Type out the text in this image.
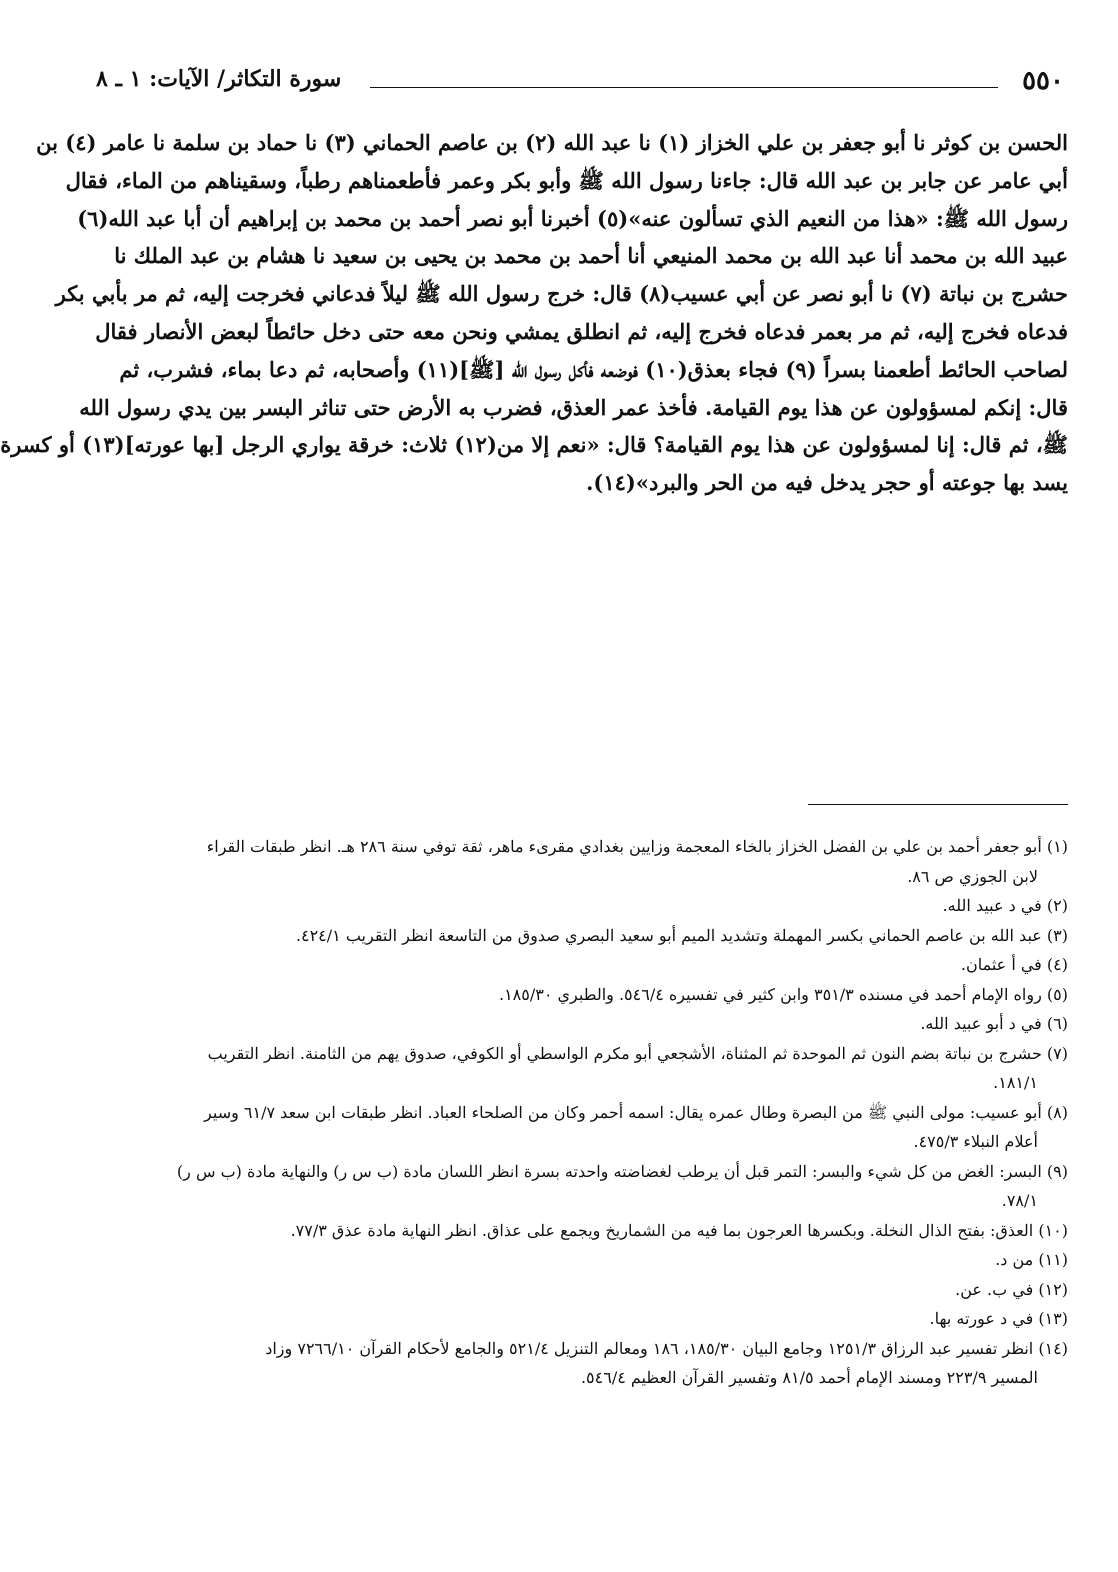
٥٥٠
سورة التكاثر/ الآيات: ١ ـ ٨
الحسن بن كوثر نا أبو جعفر بن علي الخزاز (١) نا عبد الله (٢) بن عاصم الحماني (٣) نا حماد بن سلمة نا عامر (٤) بن
أبي عامر عن جابر بن عبد الله قال: جاءنا رسول الله ﷺ وأبو بكر وعمر فأطعمناهم رطباً، وسقيناهم من الماء، فقال
رسول الله ﷺ: «هذا من النعيم الذي تسألون عنه»(٥) أخبرنا أبو نصر أحمد بن محمد بن إبراهيم أن أبا عبد الله(٦)
عبيد الله بن محمد أنا عبد الله بن محمد المنيعي أنا أحمد بن محمد بن يحيى بن سعيد نا هشام بن عبد الملك نا
حشرج بن نباتة (٧) نا أبو نصر عن أبي عسيب(٨) قال: خرج رسول الله ﷺ ليلاً فدعاني فخرجت إليه، ثم مر بأبي بكر
فدعاه فخرج إليه، ثم مر بعمر فدعاه فخرج إليه، ثم انطلق يمشي ونحن معه حتى دخل حائطاً لبعض الأنصار فقال
لصاحب الحائط أطعمنا بسراً (٩) فجاء بعذق(١٠) فوضعه فأكل رسول الله [ﷺ](١١) وأصحابه، ثم دعا بماء، فشرب، ثم
قال: إنكم لمسؤولون عن هذا يوم القيامة. فأخذ عمر العذق، فضرب به الأرض حتى تناثر البسر بين يدي رسول الله
ﷺ، ثم قال: إنا لمسؤولون عن هذا يوم القيامة؟ قال: «نعم إلا من(١٢) ثلاث: خرقة يواري الرجل [بها عورته](١٣) أو كسرة
يسد بها جوعته أو حجر يدخل فيه من الحر والبرد»(١٤).
(١) أبو جعفر أحمد بن علي بن الفضل الخزاز بالخاء المعجمة وزايين بغدادي مقرىء ماهر، ثقة توفي سنة ٢٨٦ هـ. انظر طبقات القراء
لابن الجوزي ص ٨٦.
(٢) في د عبيد الله.
(٣) عبد الله بن عاصم الحماني بكسر المهملة وتشديد الميم أبو سعيد البصري صدوق من التاسعة انظر التقريب ٤٢٤/١.
(٤) في أ عثمان.
(٥) رواه الإمام أحمد في مسنده ٣٥١/٣ وابن كثير في تفسيره ٥٤٦/٤. والطبري ١٨٥/٣٠.
(٦) في د أبو عبيد الله.
(٧) حشرج بن نباتة بضم النون ثم الموحدة ثم المثناة، الأشجعي أبو مكرم الواسطي أو الكوفي، صدوق يهم من الثامنة. انظر التقريب
١٨١/١.
(٨) أبو عسيب: مولى النبي ﷺ من البصرة وطال عمره يقال: اسمه أحمر وكان من الصلحاء العباد. انظر طبقات ابن سعد ٦١/٧ وسير
أعلام النبلاء ٤٧٥/٣.
(٩) البسر: الغض من كل شيء والبسر: التمر قبل أن يرطب لغضاضته واحدته بسرة انظر اللسان مادة (ب س ر) والنهاية مادة (ب س ر)
٧٨/١.
(١٠) العذق: بفتح الذال النخلة. وبكسرها العرجون بما فيه من الشماريخ ويجمع على عذاق. انظر النهاية مادة عذق ٧٧/٣.
(١١) من د.
(١٢) في ب. عن.
(١٣) في د عورته بها.
(١٤) انظر تفسير عبد الرزاق ١٢٥١/٣ وجامع البيان ١٨٥/٣٠، ١٨٦ ومعالم التنزيل ٥٢١/٤ والجامع لأحكام القرآن ٧٢٦٦/١٠ وزاد
المسير ٢٢٣/٩ ومسند الإمام أحمد ٨١/٥ وتفسير القرآن العظيم ٥٤٦/٤.
